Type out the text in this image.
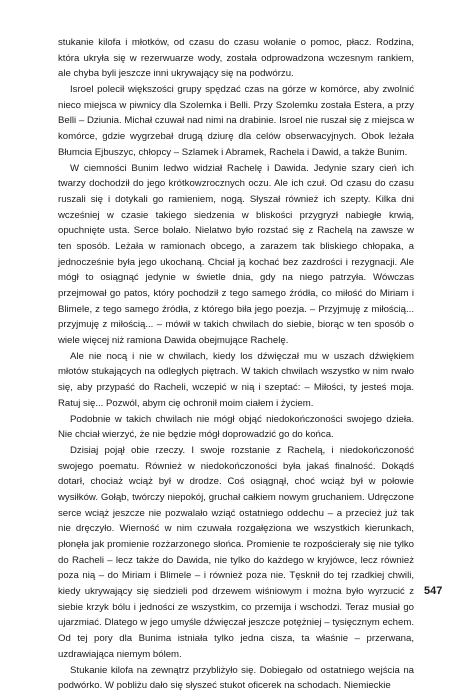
stukanie kilofa i młotków, od czasu do czasu wołanie o pomoc, płacz. Rodzina, która ukryła się w rezerwuarze wody, została odprowadzona wczesnym rankiem, ale chyba byli jeszcze inni ukrywający się na podwórzu.

Isroel polecił większości grupy spędzać czas na górze w komórce, aby zwolnić nieco miejsca w piwnicy dla Szolemka i Belli. Przy Szolemku została Estera, a przy Belli – Dziunia. Michał czuwał nad nimi na drabinie. Isroel nie ruszał się z miejsca w komórce, gdzie wygrzebał drugą dziurę dla celów obserwacyjnych. Obok leżała Błumcia Ejbuszyc, chłopcy – Szlamek i Abramek, Rachela i Dawid, a także Bunim.

W ciemności Bunim ledwo widział Rachelę i Dawida. Jedynie szary cień ich twarzy dochodził do jego krótkowzrocznych oczu. Ale ich czuł. Od czasu do czasu ruszali się i dotykali go ramieniem, nogą. Słyszał również ich szepty. Kilka dni wcześniej w czasie takiego siedzenia w bliskości przygryzł nabiegłe krwią, opuchnięte usta. Serce bolało. Nielatwo było rozstać się z Rachelą na zawsze w ten sposób. Leżała w ramionach obcego, a zarazem tak bliskiego chłopaka, a jednocześnie była jego ukochaną. Chciał ją kochać bez zazdrości i rezygnacji. Ale mógł to osiągnąć jedynie w świetle dnia, gdy na niego patrzyła. Wówczas przejmował go patos, który pochodził z tego samego źródła, co miłość do Miriam i Blimele, z tego samego źródła, z którego biła jego poezja. – Przyjmuję z miłością... przyjmuję z miłością... – mówił w takich chwilach do siebie, biorąc w ten sposób o wiele więcej niż ramiona Dawida obejmujące Rachelę.

Ale nie nocą i nie w chwilach, kiedy los dźwięczał mu w uszach dźwiękiem młotów stukających na odległych piętrach. W takich chwilach wszystko w nim rwało się, aby przypaść do Racheli, wczepić w nią i szeptać: – Miłości, ty jesteś moja. Ratuj się... Pozwól, abym cię ochronił moim ciałem i życiem.

Podobnie w takich chwilach nie mógł objąć niedokończoności swojego dzieła. Nie chciał wierzyć, że nie będzie mógł doprowadzić go do końca.

Dzisiaj pojął obie rzeczy. I swoje rozstanie z Rachelą, i niedokończoność swojego poematu. Również w niedokończoności była jakaś finalność. Dokądś dotarł, chociaż wciąż był w drodze. Coś osiągnął, choć wciąż był w połowie wysiłków. Gołąb, twórczy niepokój, gruchał całkiem nowym gruchaniem. Udręczone serce wciąż jeszcze nie pozwalało wziąć ostatniego oddechu – a przecież już tak nie dręczyło. Wierność w nim czuwała rozgałęziona we wszystkich kierunkach, płonęła jak promienie rozżarzonego słońca. Promienie te rozpościerały się nie tylko do Racheli – lecz także do Dawida, nie tylko do każdego w kryjówce, lecz również poza nią – do Miriam i Blimele – i również poza nie. Tęsknił do tej rzadkiej chwili, kiedy ukrywający się siedzieli pod drzewem wiśniowym i można było wyrzucić z siebie krzyk bólu i jedności ze wszystkim, co przemija i wschodzi. Teraz musiał go ujarzmiać. Dlatego w jego umyśle dźwięczał jeszcze potężniej – tysięcznym echem. Od tej pory dla Bunima istniała tylko jedna cisza, ta właśnie – przerwana, uzdrawiająca niemym bólem.

Stukanie kilofa na zewnątrz przybliżyło się. Dobiegało od ostatniego wejścia na podwórko. W pobliżu dało się słyszeć stukot oficerek na schodach. Niemieckie

547
